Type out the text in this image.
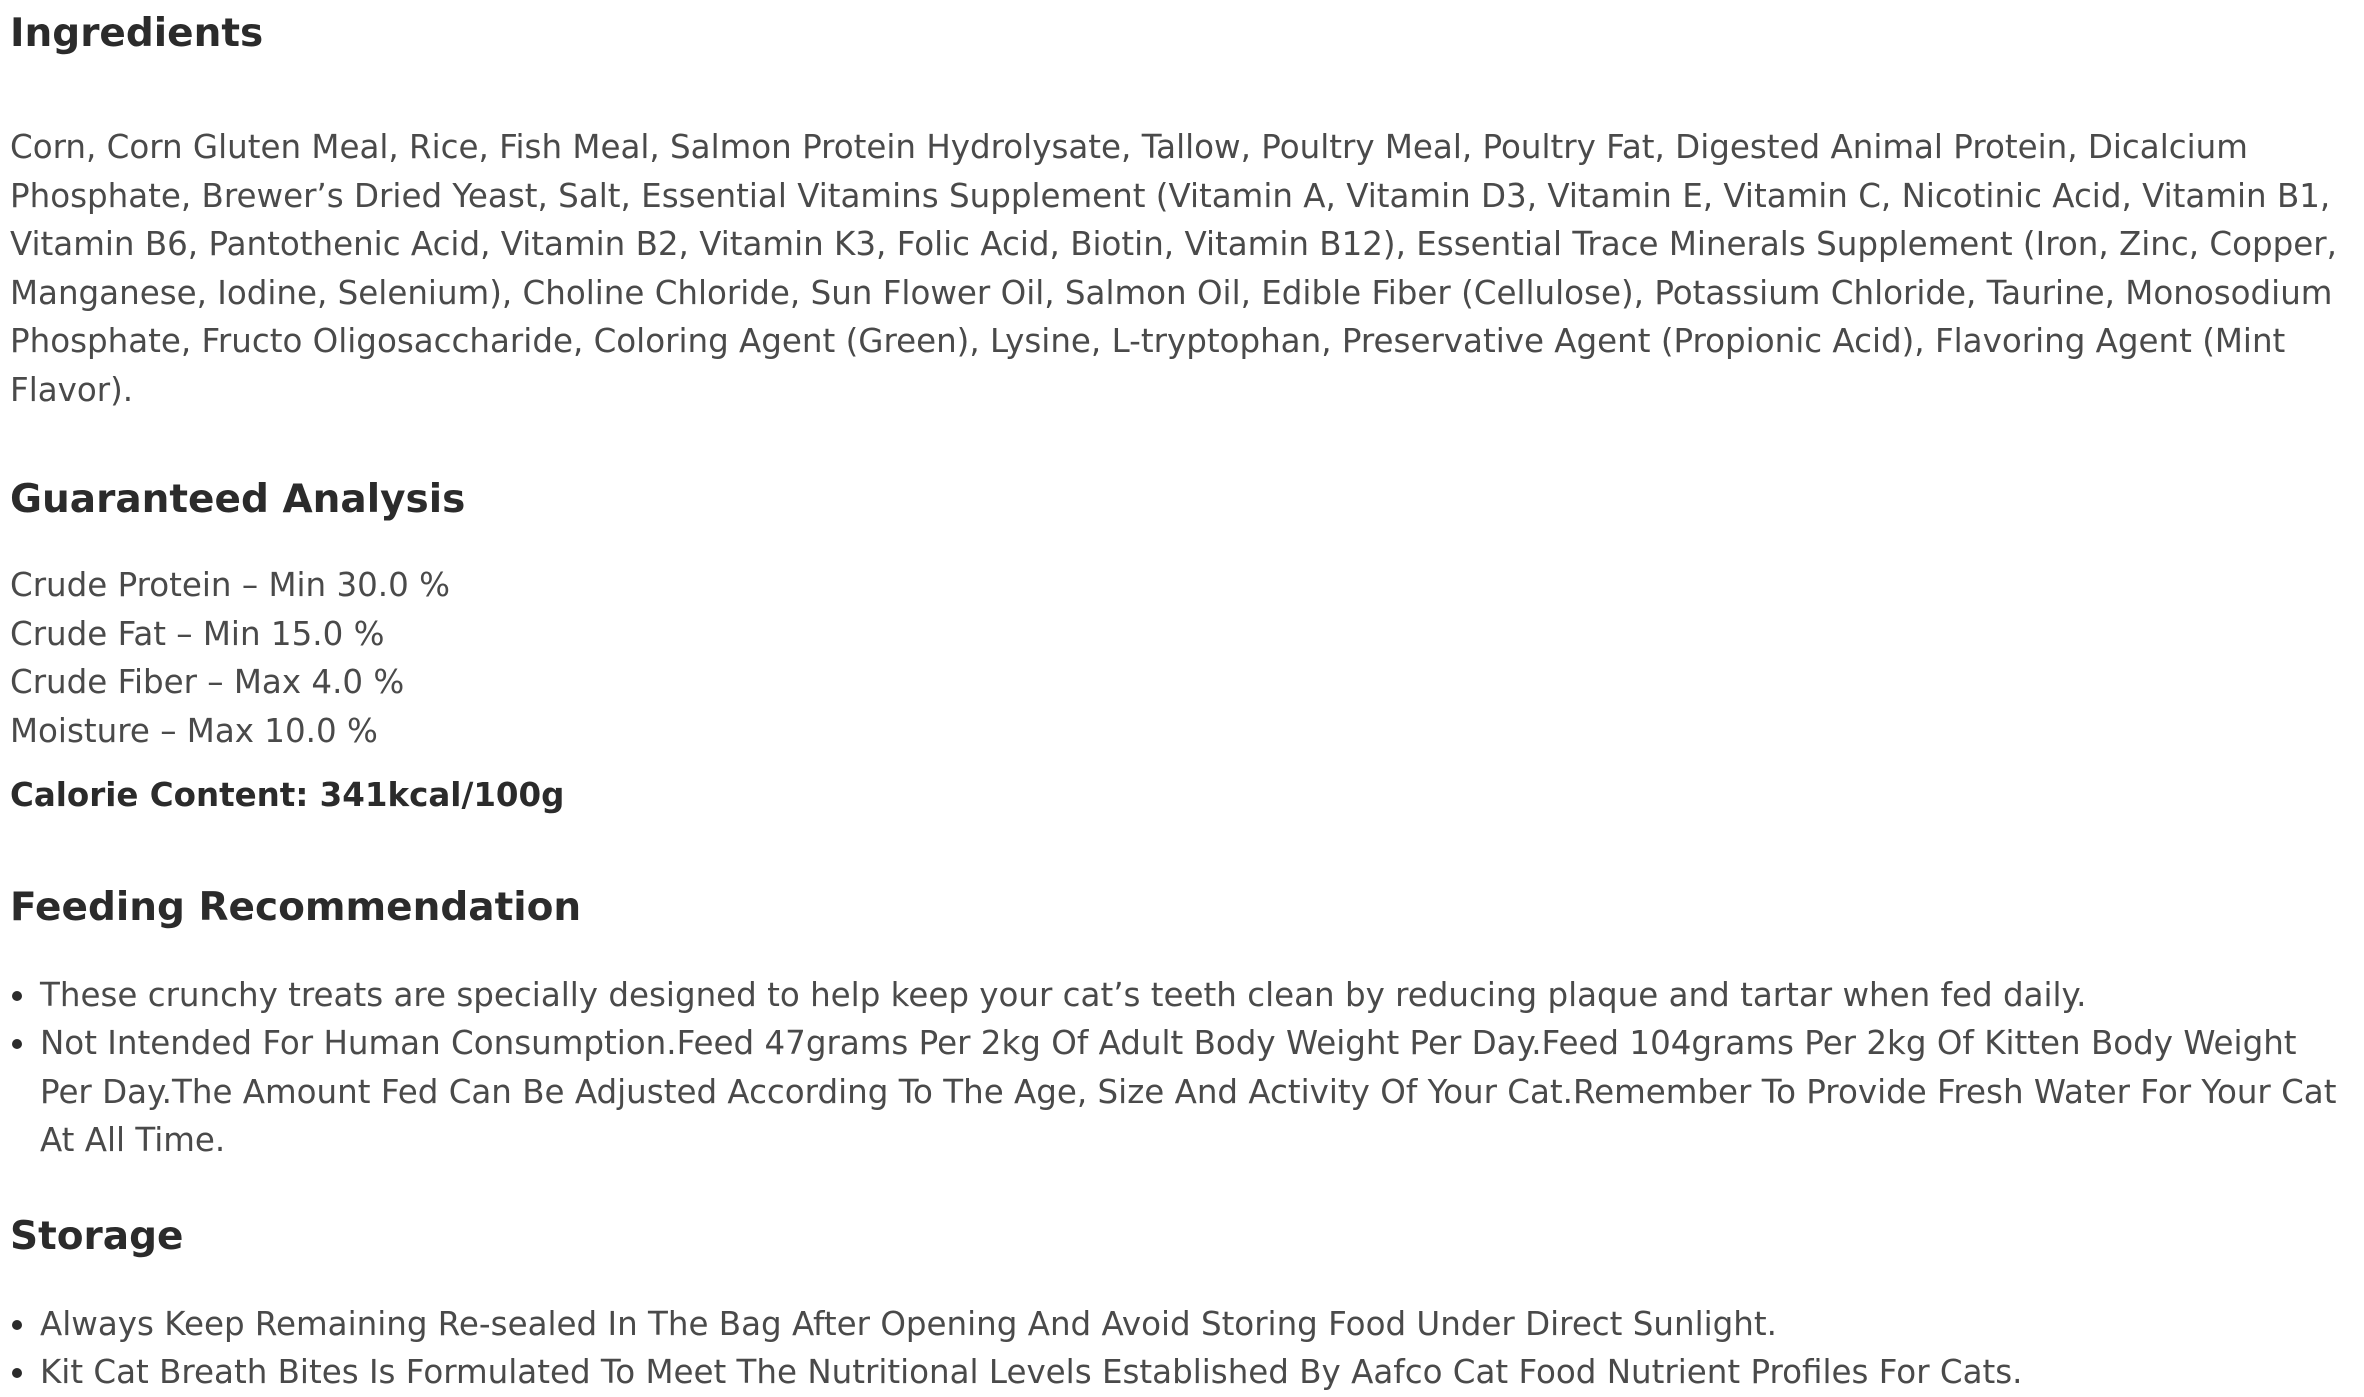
Ingredients

Corn, Corn Gluten Meal, Rice, Fish Meal, Salmon Protein Hydrolysate, Tallow, Poultry Meal, Poultry Fat, Digested Animal Protein, Dicalcium Phosphate, Brewer’s Dried Yeast, Salt, Essential Vitamins Supplement (Vitamin A, Vitamin D3, Vitamin E, Vitamin C, Nicotinic Acid, Vitamin B1, Vitamin B6, Pantothenic Acid, Vitamin B2, Vitamin K3, Folic Acid, Biotin, Vitamin B12), Essential Trace Minerals Supplement (Iron, Zinc, Copper, Manganese, Iodine, Selenium), Choline Chloride, Sun Flower Oil, Salmon Oil, Edible Fiber (Cellulose), Potassium Chloride, Taurine, Monosodium Phosphate, Fructo Oligosaccharide, Coloring Agent (Green), Lysine, L-tryptophan, Preservative Agent (Propionic Acid), Flavoring Agent (Mint Flavor).

Guaranteed Analysis
Crude Protein – Min 30.0 %
Crude Fat – Min 15.0 %
Crude Fiber – Max 4.0 %
Moisture – Max 10.0 %

Calorie Content: 341kcal/100g

Feeding Recommendation
These crunchy treats are specially designed to help keep your cat’s teeth clean by reducing plaque and tartar when fed daily.
Not Intended For Human Consumption.Feed 47grams Per 2kg Of Adult Body Weight Per Day.Feed 104grams Per 2kg Of Kitten Body Weight Per Day.The Amount Fed Can Be Adjusted According To The Age, Size And Activity Of Your Cat.Remember To Provide Fresh Water For Your Cat At All Time.
Storage
Always Keep Remaining Re-sealed In The Bag After Opening And Avoid Storing Food Under Direct Sunlight.
Kit Cat Breath Bites Is Formulated To Meet The Nutritional Levels Established By Aafco Cat Food Nutrient Profiles For Cats.
